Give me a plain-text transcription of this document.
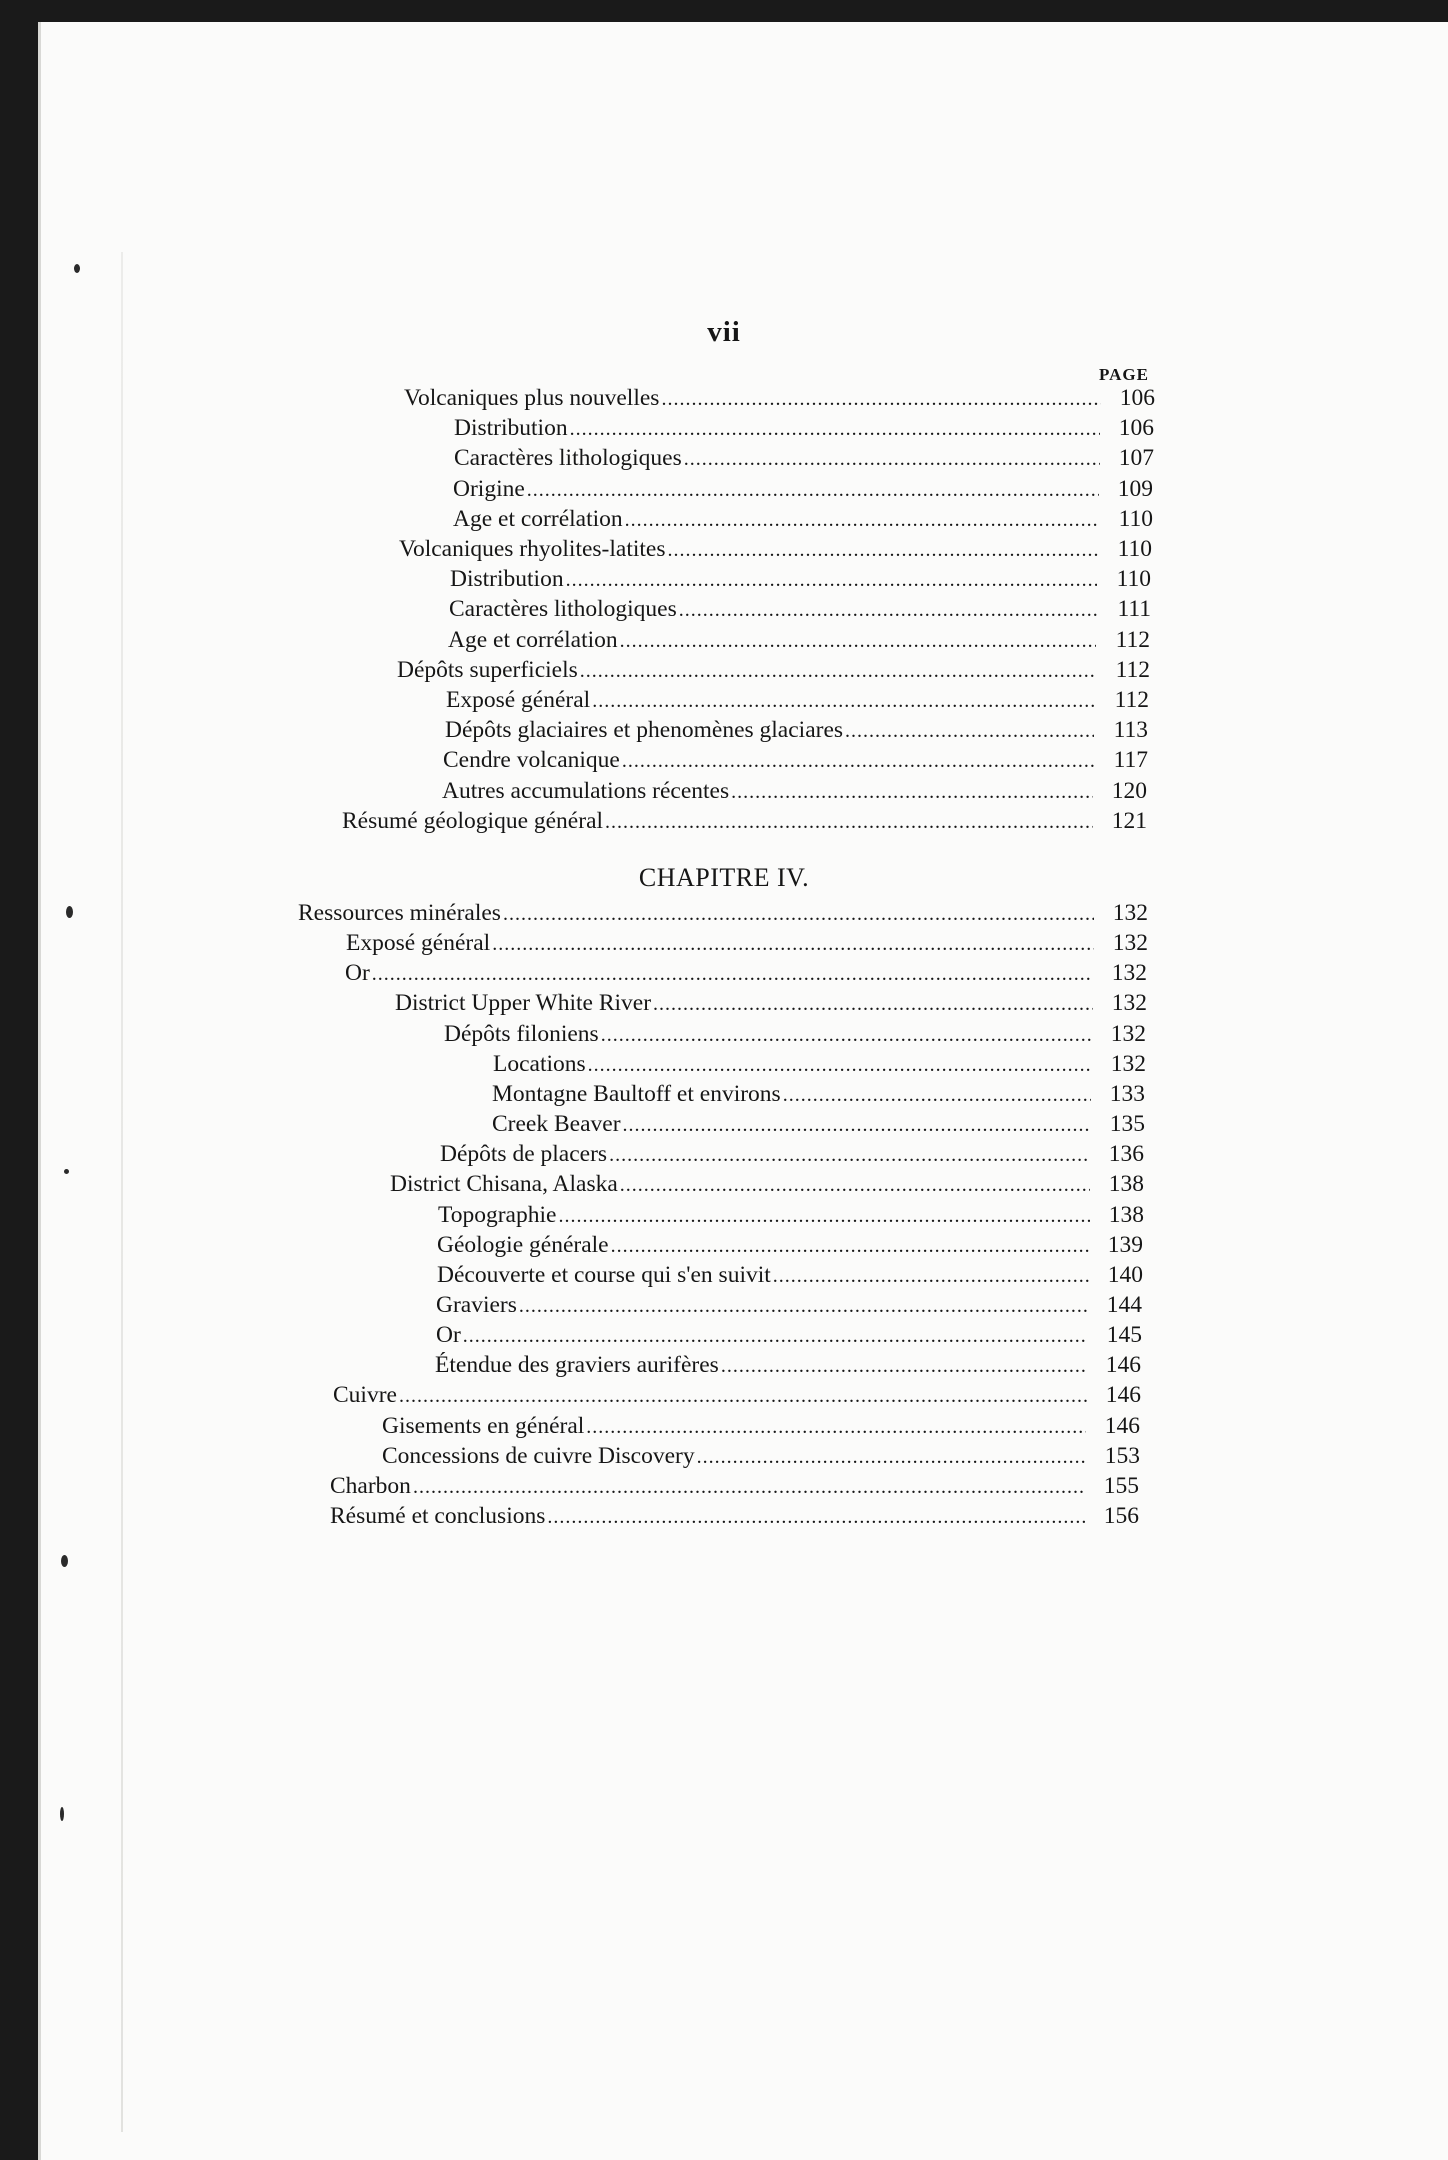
vii
PAGE
Volcaniques plus nouvelles . . .	106
Distribution . . .	106
Caractères lithologiques . . .	107
Origine . . .	109
Age et corrélation . . .	110
Volcaniques rhyolites-latites . . .	110
Distribution . . .	110
Caractères lithologiques . . .	111
Age et corrélation . . .	112
Dépôts superficiels . . .	112
Exposé général . . .	112
Dépôts glaciaires et phenomènes glaciares . . .	113
Cendre volcanique . . .	117
Autres accumulations récentes . . .	120
Résumé géologique général . . .	121
CHAPITRE IV.
Ressources minérales . . .	132
Exposé général . . .	132
Or . . .	132
District Upper White River . . .	132
Dépôts filoniens . . .	132
Locations . . .	132
Montagne Baultoff et environs . . .	133
Creek Beaver . . .	135
Dépôts de placers . . .	136
District Chisana, Alaska . . .	138
Topographie . . .	138
Géologie générale . . .	139
Découverte et course qui s'en suivit . . .	140
Graviers . . .	144
Or . . .	145
Étendue des graviers aurifères . . .	146
Cuivre . . .	146
Gisements en général . . .	146
Concessions de cuivre Discovery . . .	153
Charbon . . .	155
Résumé et conclusions . . .	156
